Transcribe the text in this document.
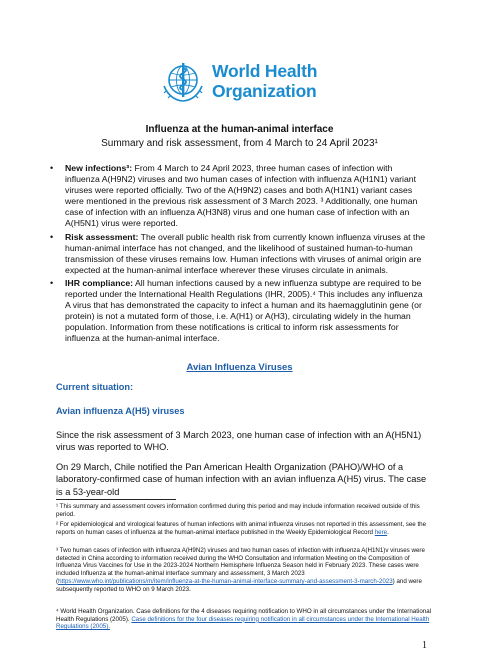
World Health
Organization
Influenza at the human-animal interface
Summary and risk assessment, from 4 March to 24 April 2023¹
• New infections³: From 4 March to 24 April 2023, three human cases of infection with influenza A(H9N2) viruses and two human cases of infection with influenza A(H1N1) variant viruses were reported officially. Two of the A(H9N2) cases and both A(H1N1) variant cases were mentioned in the previous risk assessment of 3 March 2023. ³ Additionally, one human case of infection with an influenza A(H3N8) virus and one human case of infection with an A(H5N1) virus were reported.
• Risk assessment: The overall public health risk from currently known influenza viruses at the human-animal interface has not changed, and the likelihood of sustained human-to-human transmission of these viruses remains low. Human infections with viruses of animal origin are expected at the human-animal interface wherever these viruses circulate in animals.
• IHR compliance: All human infections caused by a new influenza subtype are required to be reported under the International Health Regulations (IHR, 2005).⁴ This includes any influenza A virus that has demonstrated the capacity to infect a human and its haemagglutinin gene (or protein) is not a mutated form of those, i.e. A(H1) or A(H3), circulating widely in the human population. Information from these notifications is critical to inform risk assessments for influenza at the human-animal interface.
Avian Influenza Viruses
Current situation:
Avian influenza A(H5) viruses
Since the risk assessment of 3 March 2023, one human case of infection with an A(H5N1) virus was reported to WHO.
On 29 March, Chile notified the Pan American Health Organization (PAHO)/WHO of a laboratory-confirmed case of human infection with an avian influenza A(H5) virus. The case is a 53-year-old
¹ This summary and assessment covers information confirmed during this period and may include information received outside of this period.
² For epidemiological and virological features of human infections with animal influenza viruses not reported in this assessment, see the reports on human cases of influenza at the human-animal interface published in the Weekly Epidemiological Record here.
³ Two human cases of infection with influenza A(H9N2) viruses and two human cases of infection with influenza A(H1N1)v viruses were detected in China according to information received during the WHO Consultation and Information Meeting on the Composition of Influenza Virus Vaccines for Use in the 2023-2024 Northern Hemisphere Influenza Season held in February 2023. These cases were included Influenza at the human-animal interface summary and assessment, 3 March 2023 (https://www.who.int/publications/m/item/influenza-at-the-human-animal-interface-summary-and-assessment-3-march-2023) and were subsequently reported to WHO on 9 March 2023.
⁴ World Health Organization. Case definitions for the 4 diseases requiring notification to WHO in all circumstances under the International Health Regulations (2005). Case definitions for the four diseases requiring notification in all circumstances under the International Health Regulations (2005).
1
